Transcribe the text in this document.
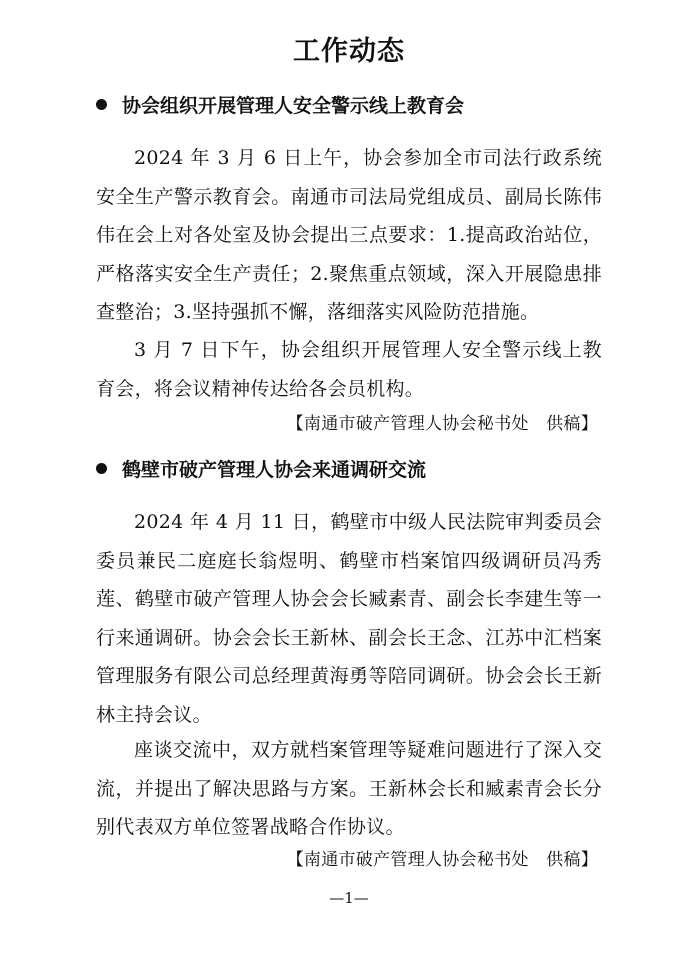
工作动态
协会组织开展管理人安全警示线上教育会

2024 年 3 月 6 日上午，协会参加全市司法行政系统安全生产警示教育会。南通市司法局党组成员、副局长陈伟伟在会上对各处室及协会提出三点要求：1.提高政治站位，严格落实安全生产责任；2.聚焦重点领域，深入开展隐患排查整治；3.坚持强抓不懈，落细落实风险防范措施。

3 月 7 日下午，协会组织开展管理人安全警示线上教育会，将会议精神传达给各会员机构。

【南通市破产管理人协会秘书处　供稿】
鹤壁市破产管理人协会来通调研交流

2024 年 4 月 11 日，鹤壁市中级人民法院审判委员会委员兼民二庭庭长翁煜明、鹤壁市档案馆四级调研员冯秀莲、鹤壁市破产管理人协会会长臧素青、副会长李建生等一行来通调研。协会会长王新林、副会长王念、江苏中汇档案管理服务有限公司总经理黄海勇等陪同调研。协会会长王新林主持会议。

座谈交流中，双方就档案管理等疑难问题进行了深入交流，并提出了解决思路与方案。王新林会长和臧素青会长分别代表双方单位签署战略合作协议。

【南通市破产管理人协会秘书处　供稿】
—1—
